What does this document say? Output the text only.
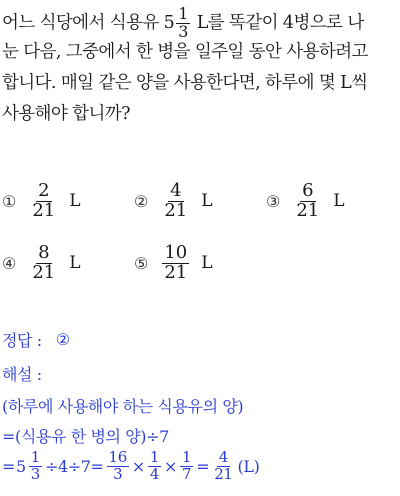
어느 식당에서 식용유 $5 \frac{1}{3}$ L를 똑같이 4병으로 나
눈 다음, 그중에서 한 병을 일주일 동안 사용하려고
합니다. 매일 같은 양을 사용한다면, 하루에 몇 L씩
사용해야 합니까?
① $\frac{2}{21}$ L	② $\frac{4}{21}$ L	③ $\frac{6}{21}$ L
④ $\frac{8}{21}$ L	⑤ $\frac{10}{21}$ L
정답 : ②
해설 :
(하루에 사용해야 하는 식용유의 양)
=(식용유 한 병의 양)÷7
= $5 \frac{1}{3} \div 4\div 7= \frac{16}{3} \times \frac{1}{4} \times \frac{1}{7} = \frac{4}{21} (L)$
